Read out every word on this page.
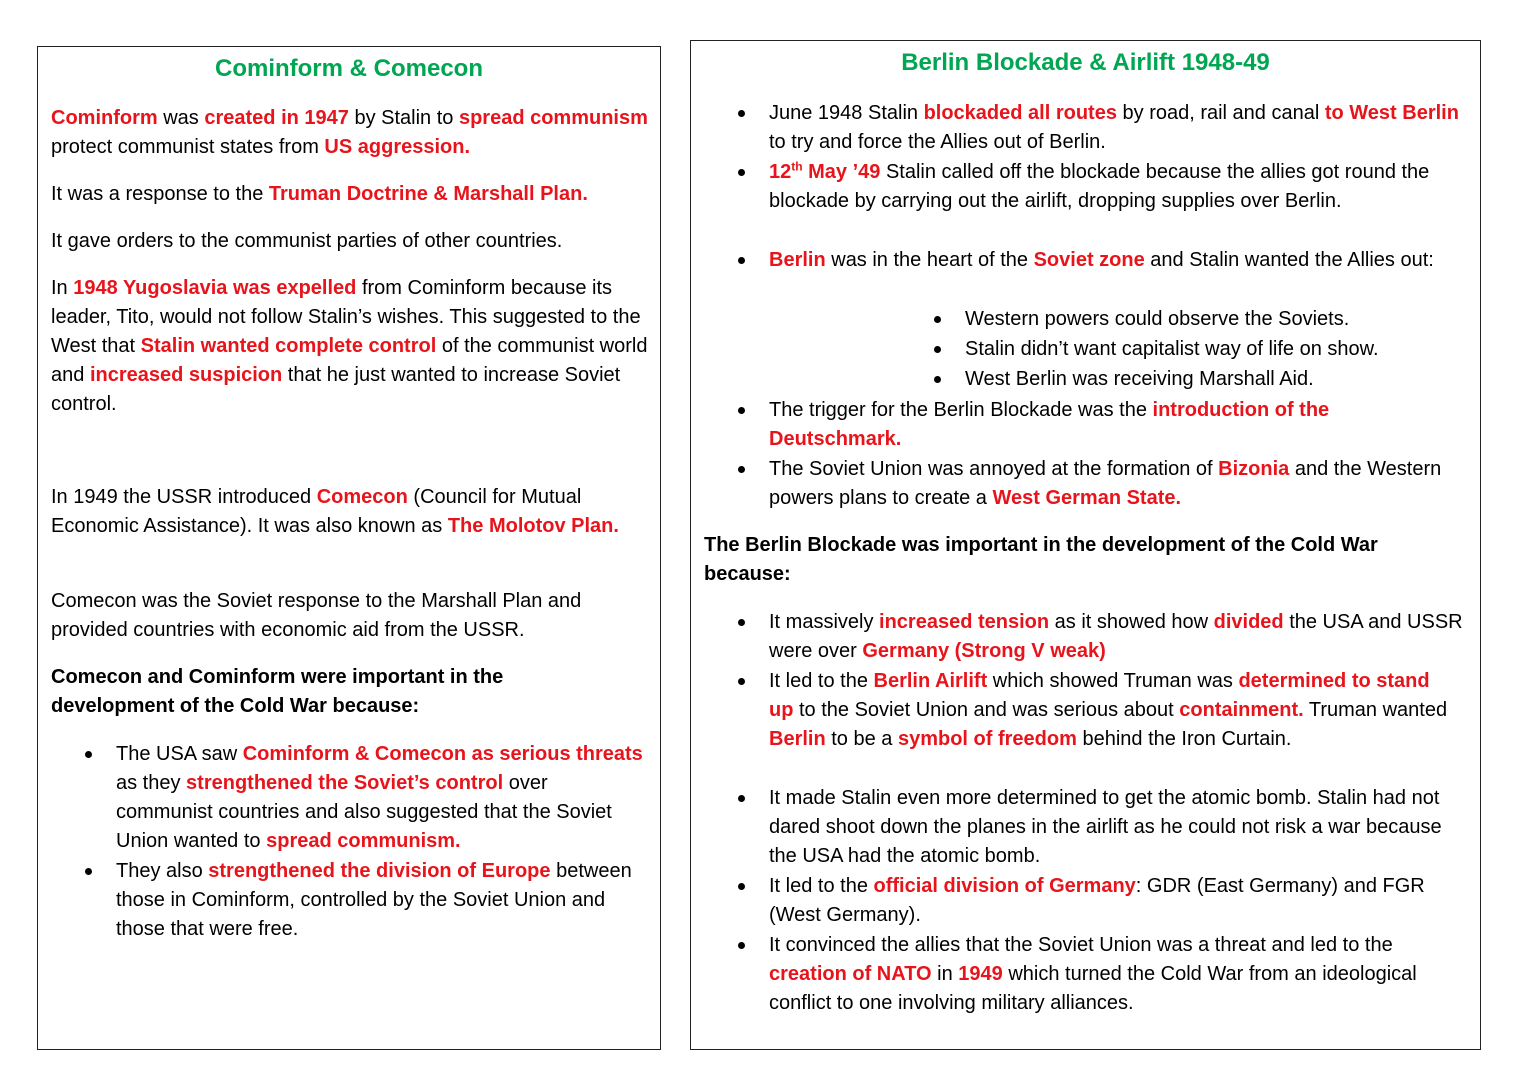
Cominform & Comecon	Berlin Blockade & Airlift 1948-49
Cominform was created in 1947 by Stalin to spread communism protect communist states from US aggression.
It was a response to the Truman Doctrine & Marshall Plan.
It gave orders to the communist parties of other countries.
In 1948 Yugoslavia was expelled from Cominform because its leader, Tito, would not follow Stalin’s wishes. This suggested to the West that Stalin wanted complete control of the communist world and increased suspicion that he just wanted to increase Soviet control.
In 1949 the USSR introduced Comecon (Council for Mutual Economic Assistance). It was also known as The Molotov Plan.
Comecon was the Soviet response to the Marshall Plan and provided countries with economic aid from the USSR.
Comecon and Cominform were important in the development of the Cold War because:
The USA saw Cominform & Comecon as serious threats as they strengthened the Soviet’s control over communist countries and also suggested that the Soviet Union wanted to spread communism.
They also strengthened the division of Europe between those in Cominform, controlled by the Soviet Union and those that were free.
June 1948 Stalin blockaded all routes by road, rail and canal to West Berlin to try and force the Allies out of Berlin.
12th May ’49 Stalin called off the blockade because the allies got round the blockade by carrying out the airlift, dropping supplies over Berlin.
Berlin was in the heart of the Soviet zone and Stalin wanted the Allies out:
Western powers could observe the Soviets.
Stalin didn’t want capitalist way of life on show.
West Berlin was receiving Marshall Aid.
The trigger for the Berlin Blockade was the introduction of the Deutschmark.
The Soviet Union was annoyed at the formation of Bizonia and the Western powers plans to create a West German State.
The Berlin Blockade was important in the development of the Cold War because:
It massively increased tension as it showed how divided the USA and USSR were over Germany (Strong V weak)
It led to the Berlin Airlift which showed Truman was determined to stand up to the Soviet Union and was serious about containment. Truman wanted Berlin to be a symbol of freedom behind the Iron Curtain.
It made Stalin even more determined to get the atomic bomb. Stalin had not dared shoot down the planes in the airlift as he could not risk a war because the USA had the atomic bomb.
It led to the official division of Germany: GDR (East Germany) and FGR (West Germany).
It convinced the allies that the Soviet Union was a threat and led to the creation of NATO in 1949 which turned the Cold War from an ideological conflict to one involving military alliances.
